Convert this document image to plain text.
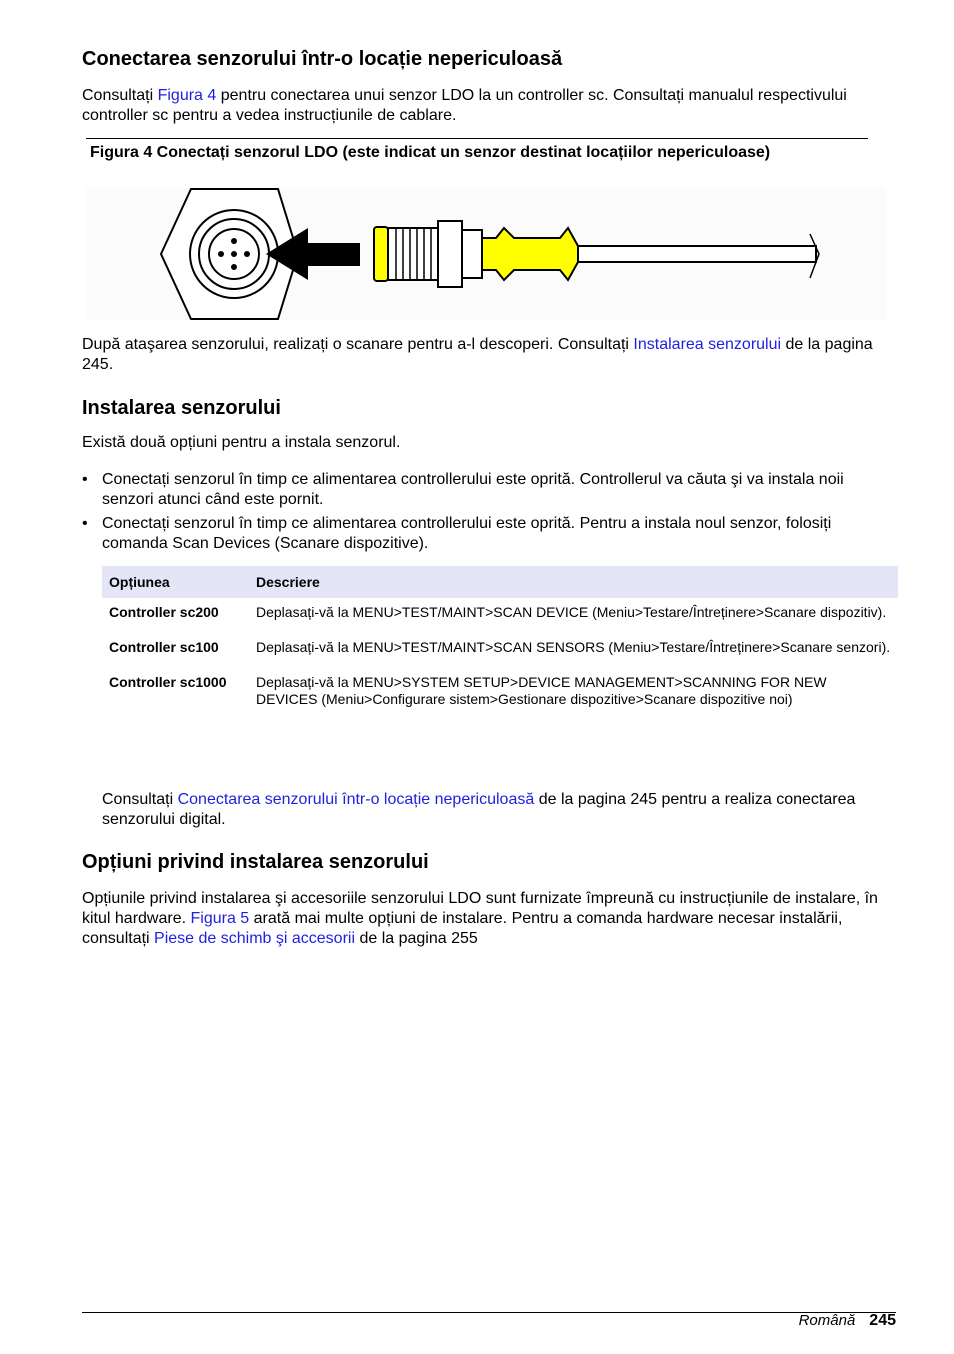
Conectarea senzorului într-o locație nepericuloasă

Consultați Figura 4 pentru conectarea unui senzor LDO la un controller sc. Consultați manualul respectivului controller sc pentru a vedea instrucțiunile de cablare.

Figura 4 Conectați senzorul LDO (este indicat un senzor destinat locațiilor nepericuloase)

După ataşarea senzorului, realizați o scanare pentru a-l descoperi. Consultați Instalarea senzorului de la pagina 245.

Instalarea senzorului

Există două opțiuni pentru a instala senzorul.

• Conectați senzorul în timp ce alimentarea controllerului este oprită. Controllerul va căuta şi va instala noii senzori atunci când este pornit.
• Conectați senzorul în timp ce alimentarea controllerului este oprită. Pentru a instala noul senzor, folosiți comanda Scan Devices (Scanare dispozitive).
Opțiunea	Descriere
Controller sc200	Deplasați-vă la MENU>TEST/MAINT>SCAN DEVICE (Meniu>Testare/Întreținere>Scanare dispozitiv).
Controller sc100	Deplasați-vă la MENU>TEST/MAINT>SCAN SENSORS (Meniu>Testare/Întreținere>Scanare senzori).
Controller sc1000	Deplasați-vă la MENU>SYSTEM SETUP>DEVICE MANAGEMENT>SCANNING FOR NEW DEVICES (Meniu>Configurare sistem>Gestionare dispozitive>Scanare dispozitive noi)

Consultați Conectarea senzorului într-o locație nepericuloasă de la pagina 245 pentru a realiza conectarea senzorului digital.

Opțiuni privind instalarea senzorului

Opțiunile privind instalarea şi accesoriile senzorului LDO sunt furnizate împreună cu instrucțiunile de instalare, în kitul hardware. Figura 5 arată mai multe opțiuni de instalare. Pentru a comanda hardware necesar instalării, consultați Piese de schimb şi accesorii de la pagina 255

Română 245
